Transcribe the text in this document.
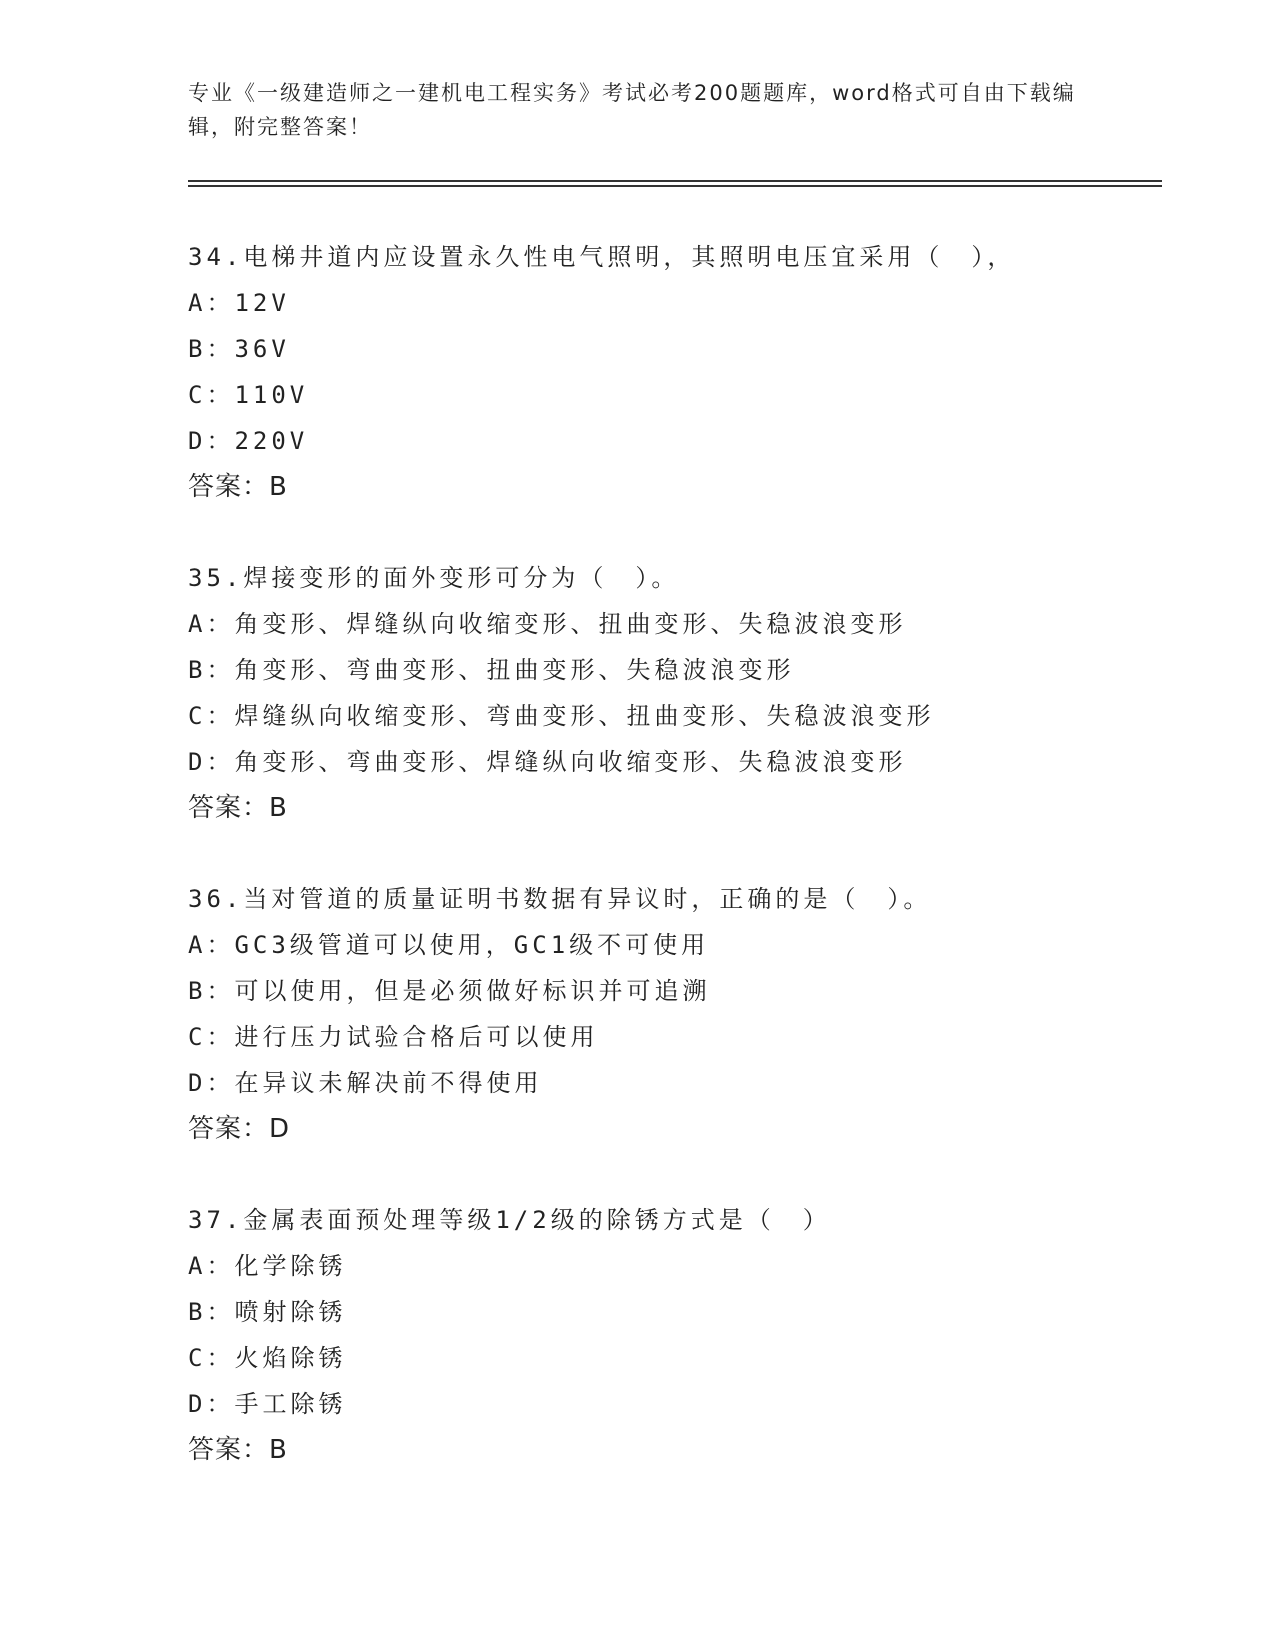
专业《一级建造师之一建机电工程实务》考试必考200题题库，word格式可自由下载编辑，附完整答案！
34.电梯井道内应设置永久性电气照明，其照明电压宜采用（　），
A：12V
B：36V
C：110V
D：220V
答案：B
35.焊接变形的面外变形可分为（　）。
A：角变形、焊缝纵向收缩变形、扭曲变形、失稳波浪变形
B：角变形、弯曲变形、扭曲变形、失稳波浪变形
C：焊缝纵向收缩变形、弯曲变形、扭曲变形、失稳波浪变形
D：角变形、弯曲变形、焊缝纵向收缩变形、失稳波浪变形
答案：B
36.当对管道的质量证明书数据有异议时，正确的是（　）。
A：GC3级管道可以使用，GC1级不可使用
B：可以使用，但是必须做好标识并可追溯
C：进行压力试验合格后可以使用
D：在异议未解决前不得使用
答案：D
37.金属表面预处理等级1/2级的除锈方式是（　）
A：化学除锈
B：喷射除锈
C：火焰除锈
D：手工除锈
答案：B
